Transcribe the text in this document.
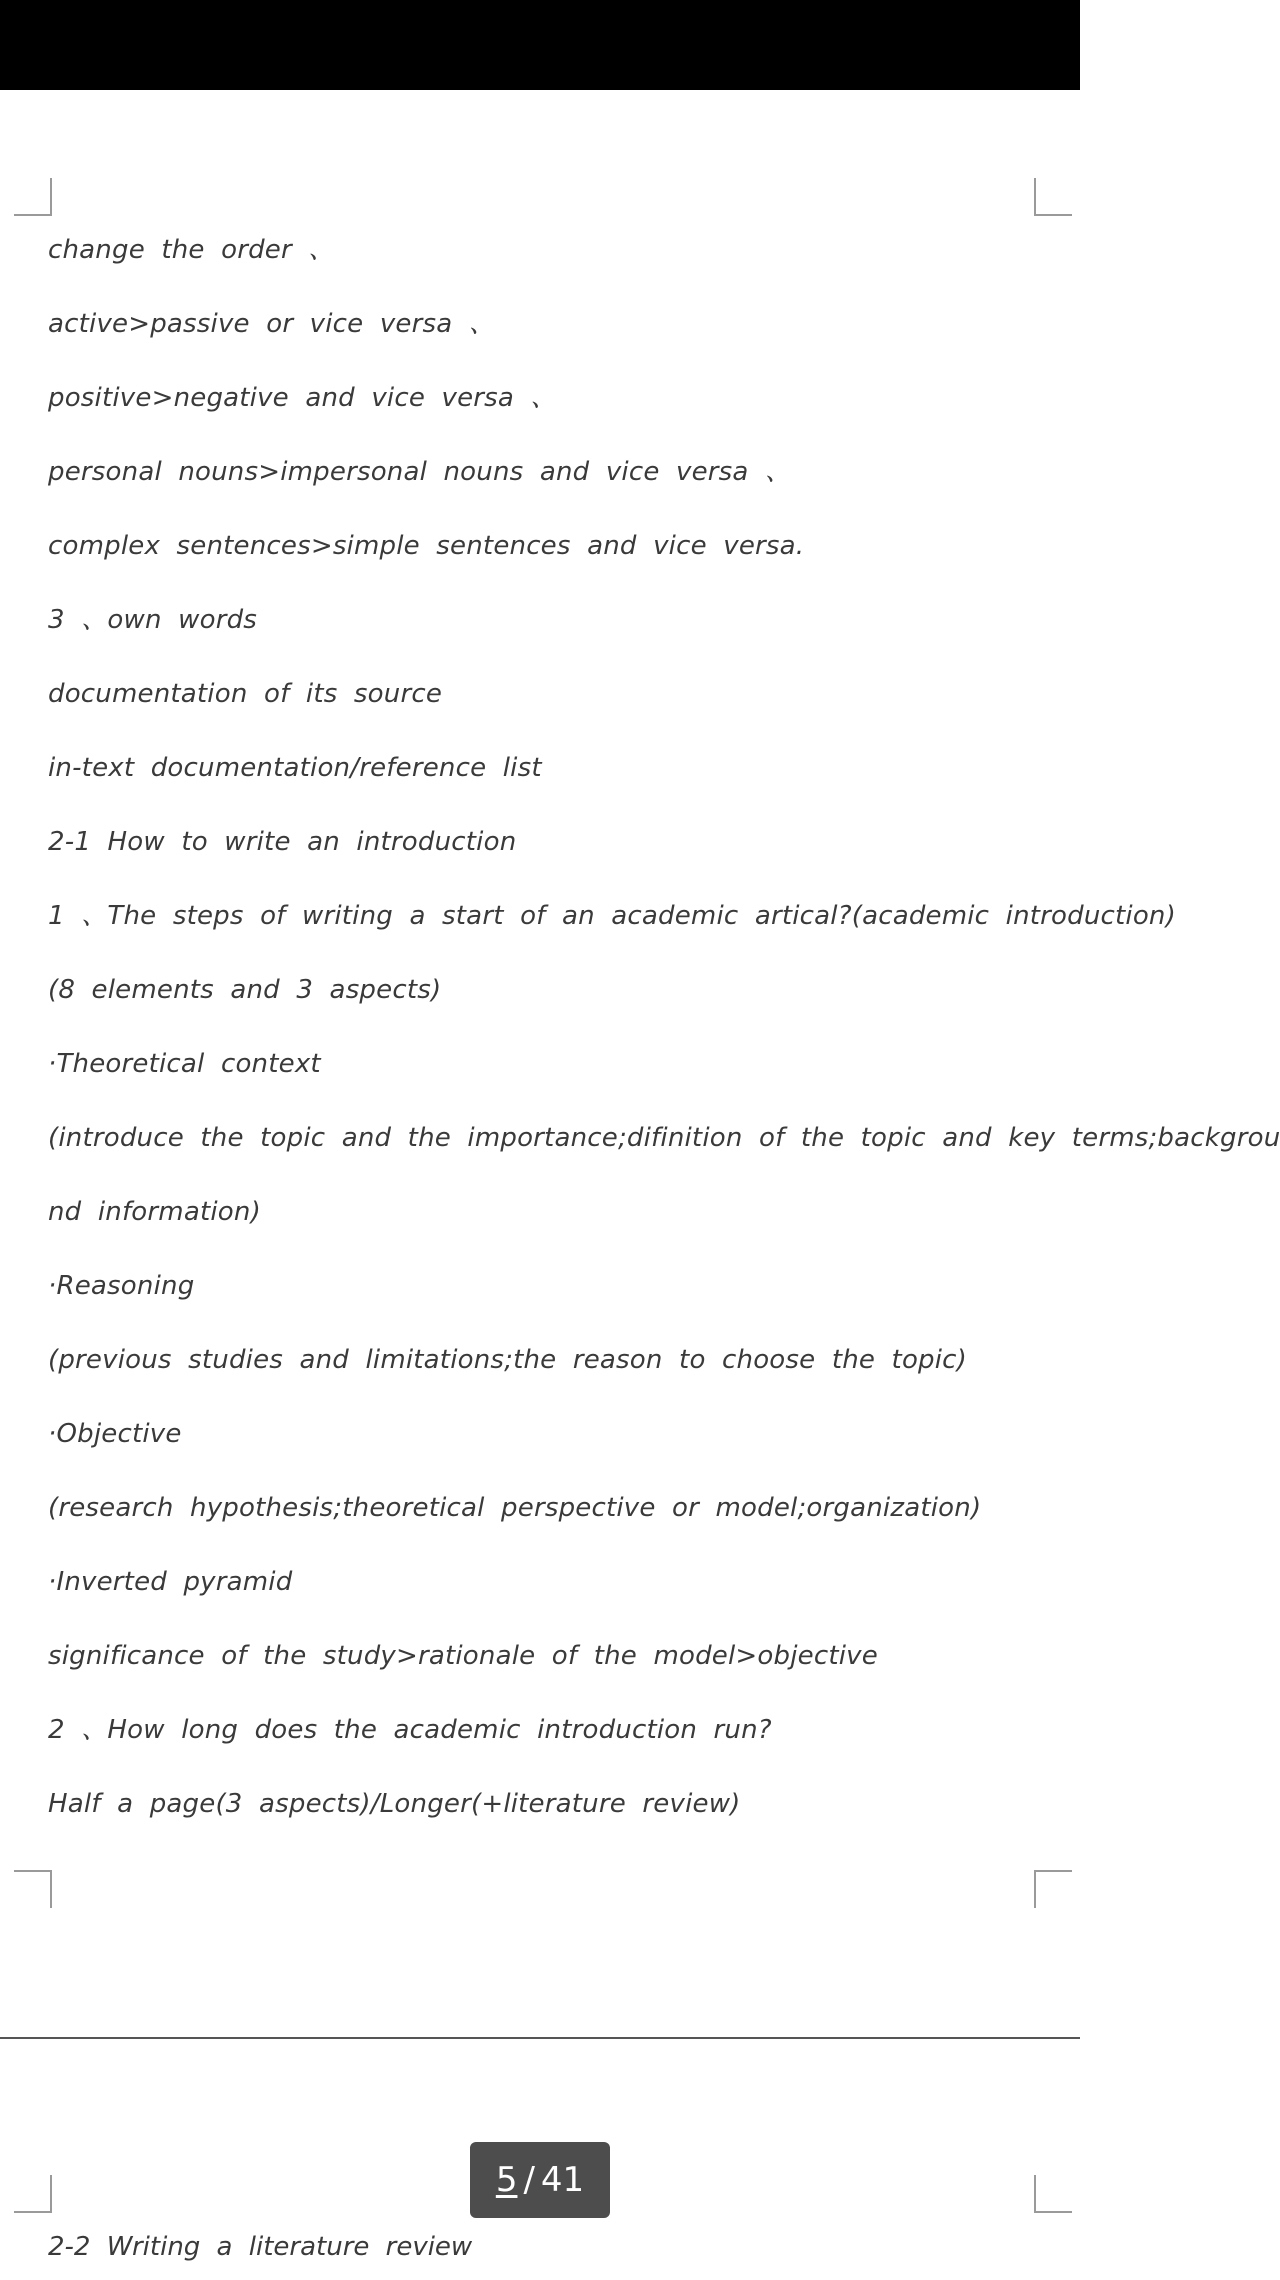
change the order 、
active>passive or vice versa 、
positive>negative and vice versa 、
personal nouns>impersonal nouns and vice versa 、
complex sentences>simple sentences and vice versa.
3 、own words
documentation of its source
in-text documentation/reference list
2-1 How to write an introduction
1 、The steps of writing a start of an academic artical?(academic introduction)
(8 elements and 3 aspects)
·Theoretical context
(introduce the topic and the importance;difinition of the topic and key terms;backgrou
nd information)
·Reasoning
(previous studies and limitations;the reason to choose the topic)
·Objective
(research hypothesis;theoretical perspective or model;organization)
·Inverted pyramid
significance of the study>rationale of the model>objective
2 、How long does the academic introduction run?
Half a page(3 aspects)/Longer(+literature review)
2-2 Writing a literature review
5 / 41
